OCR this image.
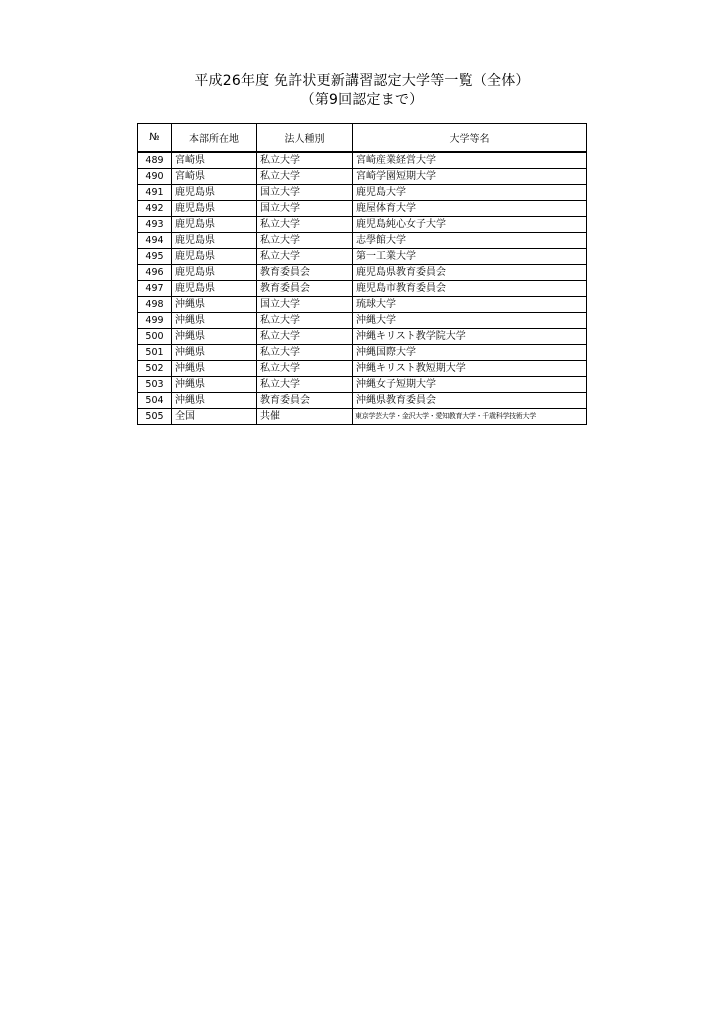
平成26年度 免許状更新講習認定大学等一覧（全体）
（第9回認定まで）
№	本部所在地	法人種別	大学等名
489	宮崎県	私立大学	宮崎産業経営大学
490	宮崎県	私立大学	宮崎学園短期大学
491	鹿児島県	国立大学	鹿児島大学
492	鹿児島県	国立大学	鹿屋体育大学
493	鹿児島県	私立大学	鹿児島純心女子大学
494	鹿児島県	私立大学	志學館大学
495	鹿児島県	私立大学	第一工業大学
496	鹿児島県	教育委員会	鹿児島県教育委員会
497	鹿児島県	教育委員会	鹿児島市教育委員会
498	沖縄県	国立大学	琉球大学
499	沖縄県	私立大学	沖縄大学
500	沖縄県	私立大学	沖縄キリスト教学院大学
501	沖縄県	私立大学	沖縄国際大学
502	沖縄県	私立大学	沖縄キリスト教短期大学
503	沖縄県	私立大学	沖縄女子短期大学
504	沖縄県	教育委員会	沖縄県教育委員会
505	全国	共催	東京学芸大学・金沢大学・愛知教育大学・千歳科学技術大学
